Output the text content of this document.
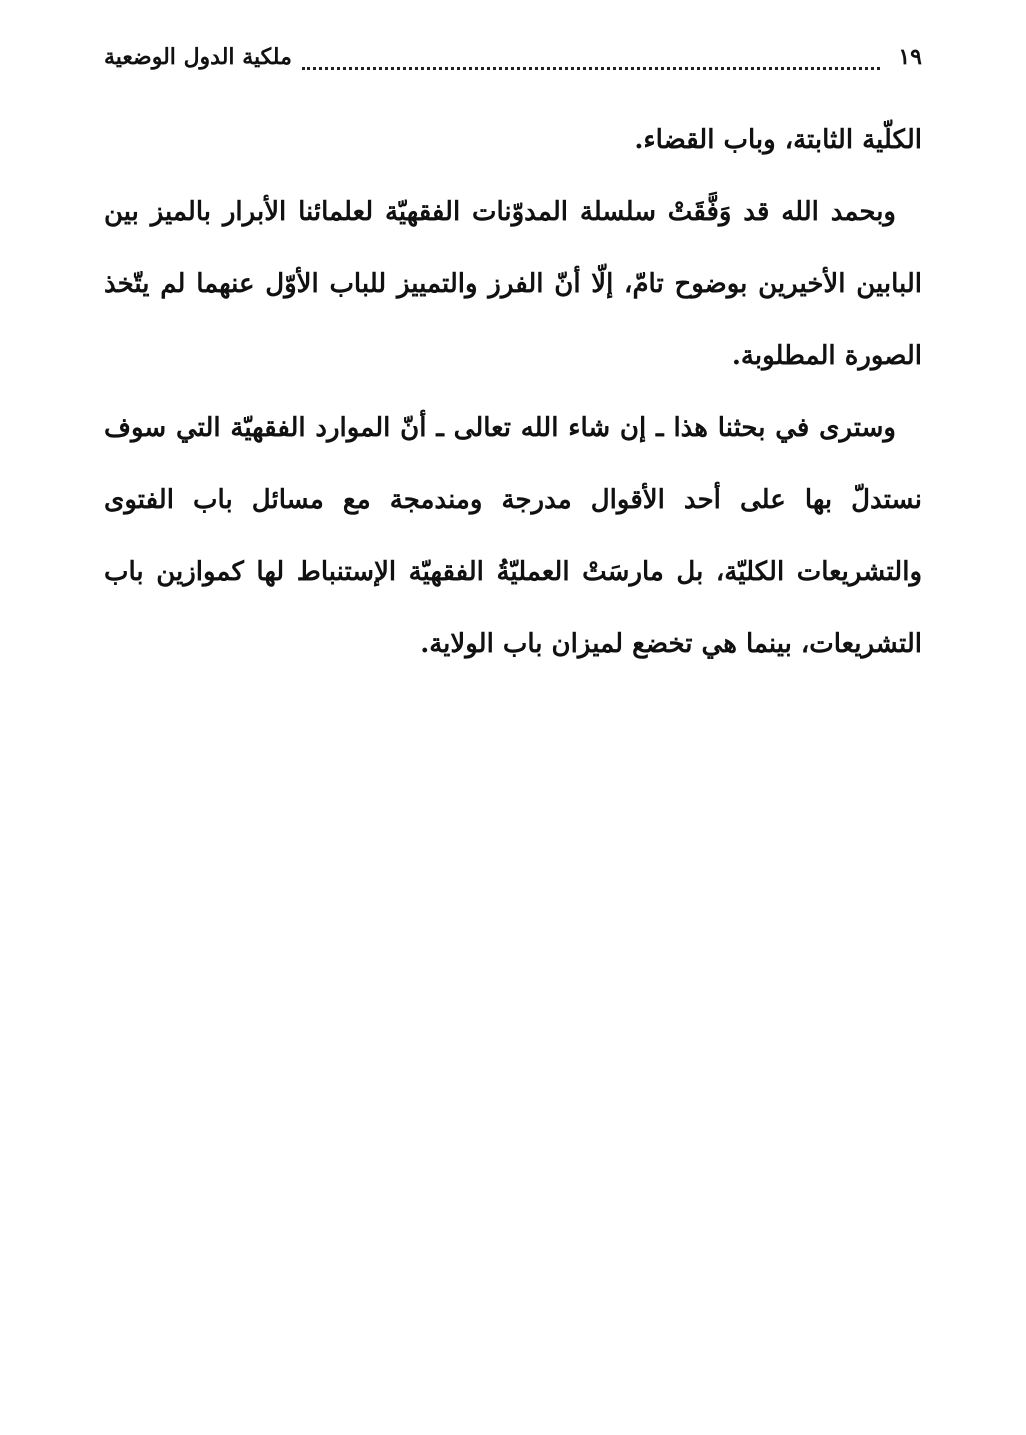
١٩
ملكية الدول الوضعية

الكلّية الثابتة، وباب القضاء.

وبحمد الله قد وَفَّقَتْ سلسلة المدوّنات الفقهيّة لعلمائنا الأبرار بالميز بين البابين الأخيرين بوضوح تامّ، إلّا أنّ الفرز والتمييز للباب الأوّل عنهما لم يتّخذ الصورة المطلوبة.

وسترى في بحثنا هذا ـ إن شاء الله تعالى ـ أنّ الموارد الفقهيّة التي سوف نستدلّ بها على أحد الأقوال مدرجة ومندمجة مع مسائل باب الفتوى والتشريعات الكليّة، بل مارسَتْ العمليّةُ الفقهيّة الإستنباط لها كموازين باب التشريعات، بينما هي تخضع لميزان باب الولاية.
